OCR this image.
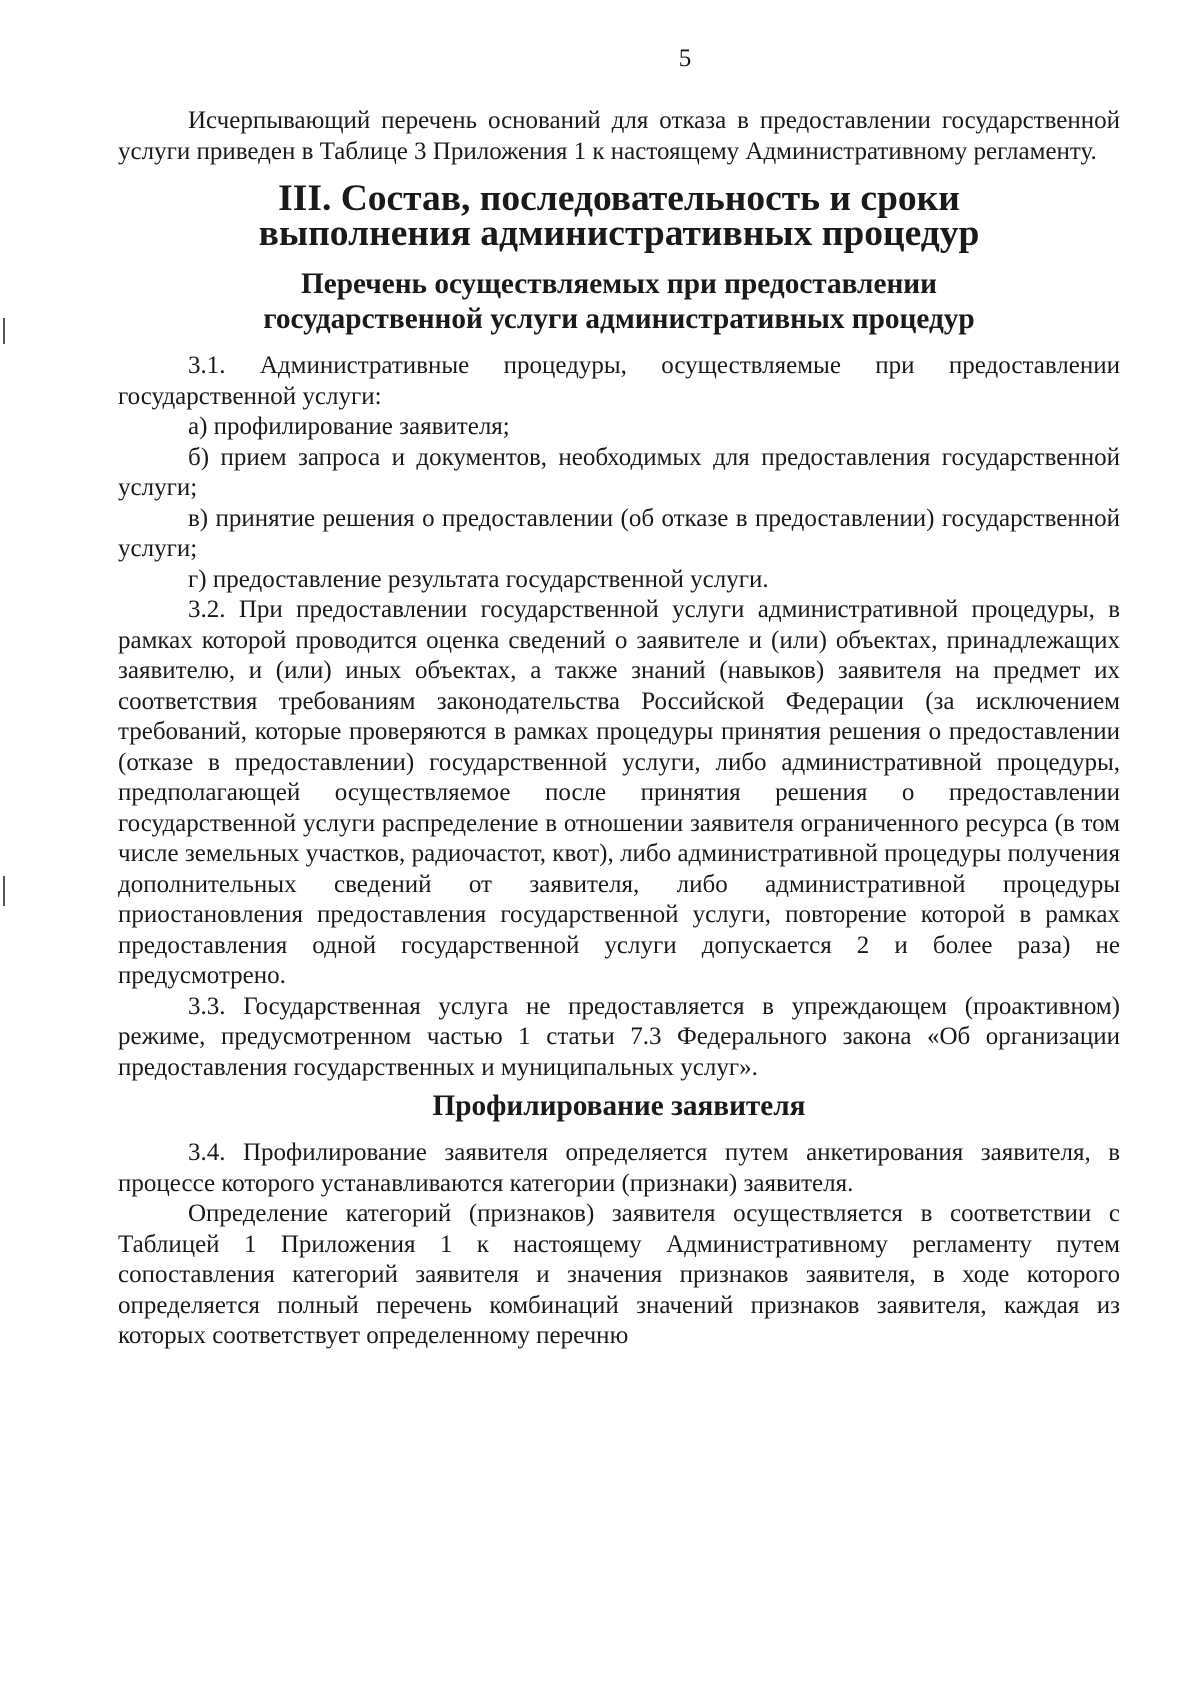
5

Исчерпывающий перечень оснований для отказа в предоставлении государственной услуги приведен в Таблице 3 Приложения 1 к настоящему Административному регламенту.

III. Состав, последовательность и сроки
выполнения административных процедур
Перечень осуществляемых при предоставлении
государственной услуги административных процедур

3.1. Административные процедуры, осуществляемые при предоставлении государственной услуги:

а) профилирование заявителя;

б) прием запроса и документов, необходимых для предоставления государственной услуги;

в) принятие решения о предоставлении (об отказе в предоставлении) государственной услуги;

г) предоставление результата государственной услуги.

3.2. При предоставлении государственной услуги административной процедуры, в рамках которой проводится оценка сведений о заявителе и (или) объектах, принадлежащих заявителю, и (или) иных объектах, а также знаний (навыков) заявителя на предмет их соответствия требованиям законодательства Российской Федерации (за исключением требований, которые проверяются в рамках процедуры принятия решения о предоставлении (отказе в предоставлении) государственной услуги, либо административной процедуры, предполагающей осуществляемое после принятия решения о предоставлении государственной услуги распределение в отношении заявителя ограниченного ресурса (в том числе земельных участков, радиочастот, квот), либо административной процедуры получения дополнительных сведений от заявителя, либо административной процедуры приостановления предоставления государственной услуги, повторение которой в рамках предоставления одной государственной услуги допускается 2 и более раза) не предусмотрено.

3.3. Государственная услуга не предоставляется в упреждающем (проактивном) режиме, предусмотренном частью 1 статьи 7.3 Федерального закона «Об организации предоставления государственных и муниципальных услуг».

Профилирование заявителя

3.4. Профилирование заявителя определяется путем анкетирования заявителя, в процессе которого устанавливаются категории (признаки) заявителя.

Определение категорий (признаков) заявителя осуществляется в соответствии с Таблицей 1 Приложения 1 к настоящему Административному регламенту путем сопоставления категорий заявителя и значения признаков заявителя, в ходе которого определяется полный перечень комбинаций значений признаков заявителя, каждая из которых соответствует определенному перечню
